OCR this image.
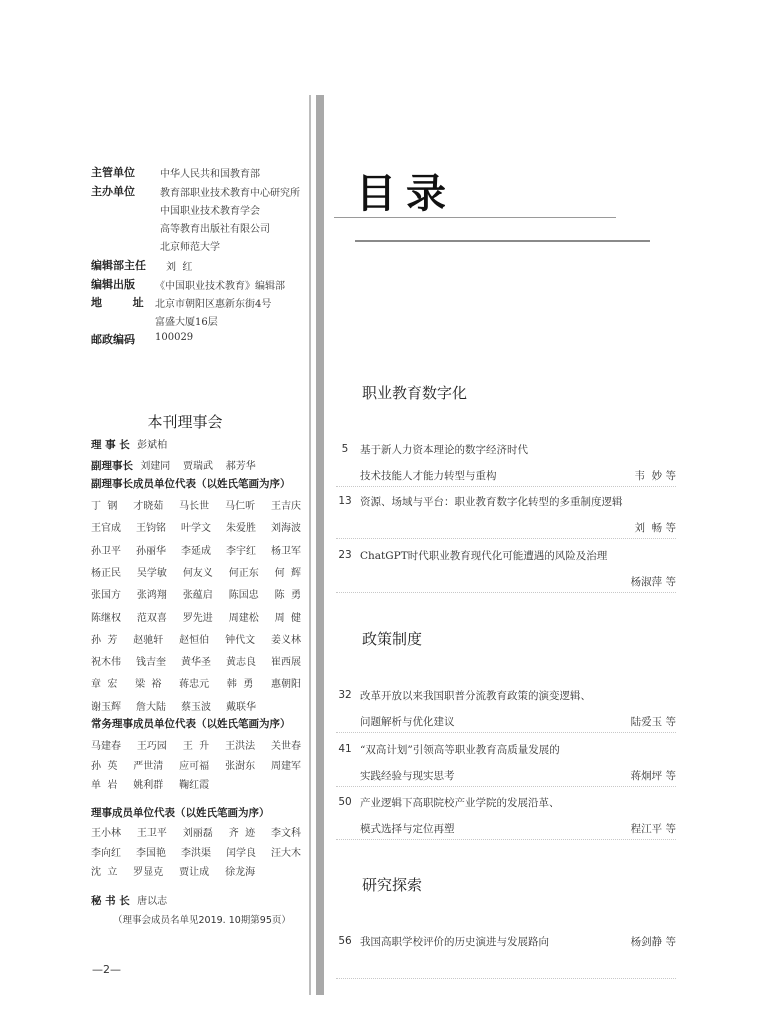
主管单位	中华人民共和国教育部
主办单位	教育部职业技术教育中心研究所
中国职业技术教育学会
高等教育出版社有限公司
北京师范大学
编辑部主任 刘  红
编辑出版 《中国职业技术教育》编辑部
地        址 北京市朝阳区惠新东街4号
富盛大厦16层
邮政编码 100029
本刊理事会
理 事 长 彭斌柏
副理事长 刘建同    贾瑞武    郝芳华
副理事长成员单位代表（以姓氏笔画为序）
丁  钢 才晓茹 马长世 马仁听 王吉庆
王官成 王钧铭 叶学文 朱爱胜 刘海波
孙卫平 孙丽华 李延成 李宇红 杨卫军
杨正民 吴学敏 何友义 何正东 何  辉
张国方 张鸿翔 张蕴启 陈国忠 陈  勇
陈继权 范双喜 罗先进 周建松 周  健
孙  芳 赵驰轩 赵恒伯 钟代文 姜义林
祝木伟 钱吉奎 黄华圣 黄志良 崔西展
章  宏 梁  裕 蒋忠元 韩  勇 惠朝阳
谢玉辉 詹大陆 蔡玉波 戴联华

常务理事成员单位代表（以姓氏笔画为序）
马建春 王巧园 王  升 王洪法 关世春
孙  英 严世清 应可福 张澍东 周建军
单  岩 姚利群 鞠红霞

理事成员单位代表（以姓氏笔画为序）
王小林 王卫平 刘丽磊 齐  迹 李文科
李向红 李国艳 李洪渠 闰学良 汪大木
沈  立 罗显克 贾让成 徐龙海

秘 书 长 唐以志
（理事会成员名单见2019. 10期第95页）
—2—
目录
职业教育数字化
5	基于新人力资本理论的数字经济时代
技术技能人才能力转型与重构	韦  妙 等
13 资源、场域与平台：职业教育数字化转型的多重制度逻辑
刘  畅 等
23 ChatGPT时代职业教育现代化可能遭遇的风险及治理
杨淑萍 等
政策制度
32 改革开放以来我国职普分流教育政策的演变逻辑、
问题解析与优化建议	陆爱玉 等
41 “双高计划”引领高等职业教育高质量发展的
实践经验与现实思考	蒋炯坪 等
50 产业逻辑下高职院校产业学院的发展沿革、
模式选择与定位再塑	程江平 等
研究探索
56 我国高职学校评价的历史演进与发展路向	杨剑静 等
